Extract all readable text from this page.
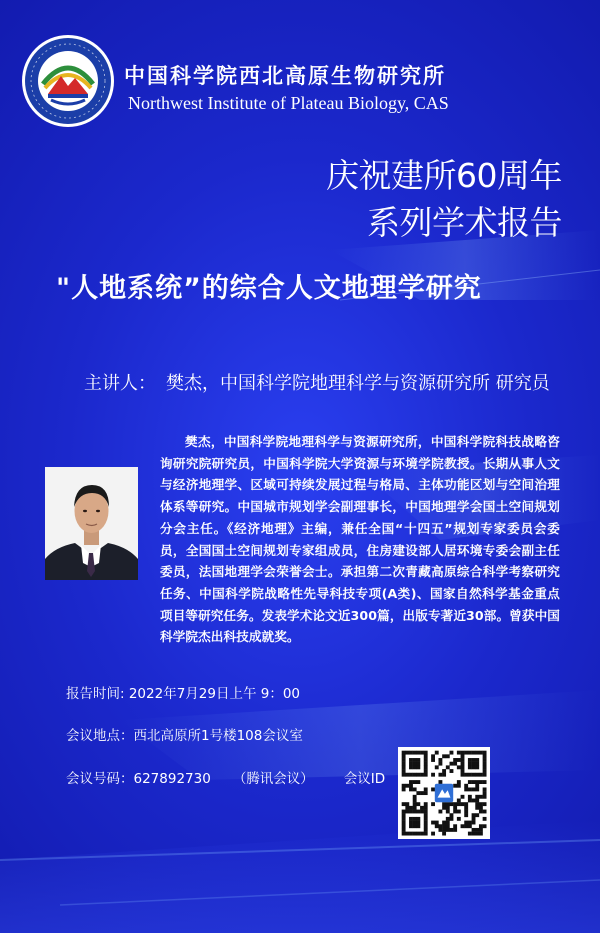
中国科学院西北高原生物研究所
Northwest Institute of Plateau Biology, CAS
庆祝建所60周年
系列学术报告
"人地系统”的综合人文地理学研究
主讲人： 樊杰，中国科学院地理科学与资源研究所 研究员
樊杰，中国科学院地理科学与资源研究所，中国科学院科技战略咨询研究院研究员，中国科学院大学资源与环境学院教授。长期从事人文与经济地理学、区域可持续发展过程与格局、主体功能区划与空间治理体系等研究。中国城市规划学会副理事长，中国地理学会国土空间规划分会主任。《经济地理》主编，兼任全国“十四五”规划专家委员会委员，全国国土空间规划专家组成员，住房建设部人居环境专委会副主任委员，法国地理学会荣誉会士。承担第二次青藏高原综合科学考察研究任务、中国科学院战略性先导科技专项(A类)、国家自然科学基金重点项目等研究任务。发表学术论文近300篇，出版专著近30部。曾获中国科学院杰出科技成就奖。
报告时间: 2022年7月29日上午 9：00
会议地点：西北高原所1号楼108会议室
会议号码：627892730 （腾讯会议） 会议ID
